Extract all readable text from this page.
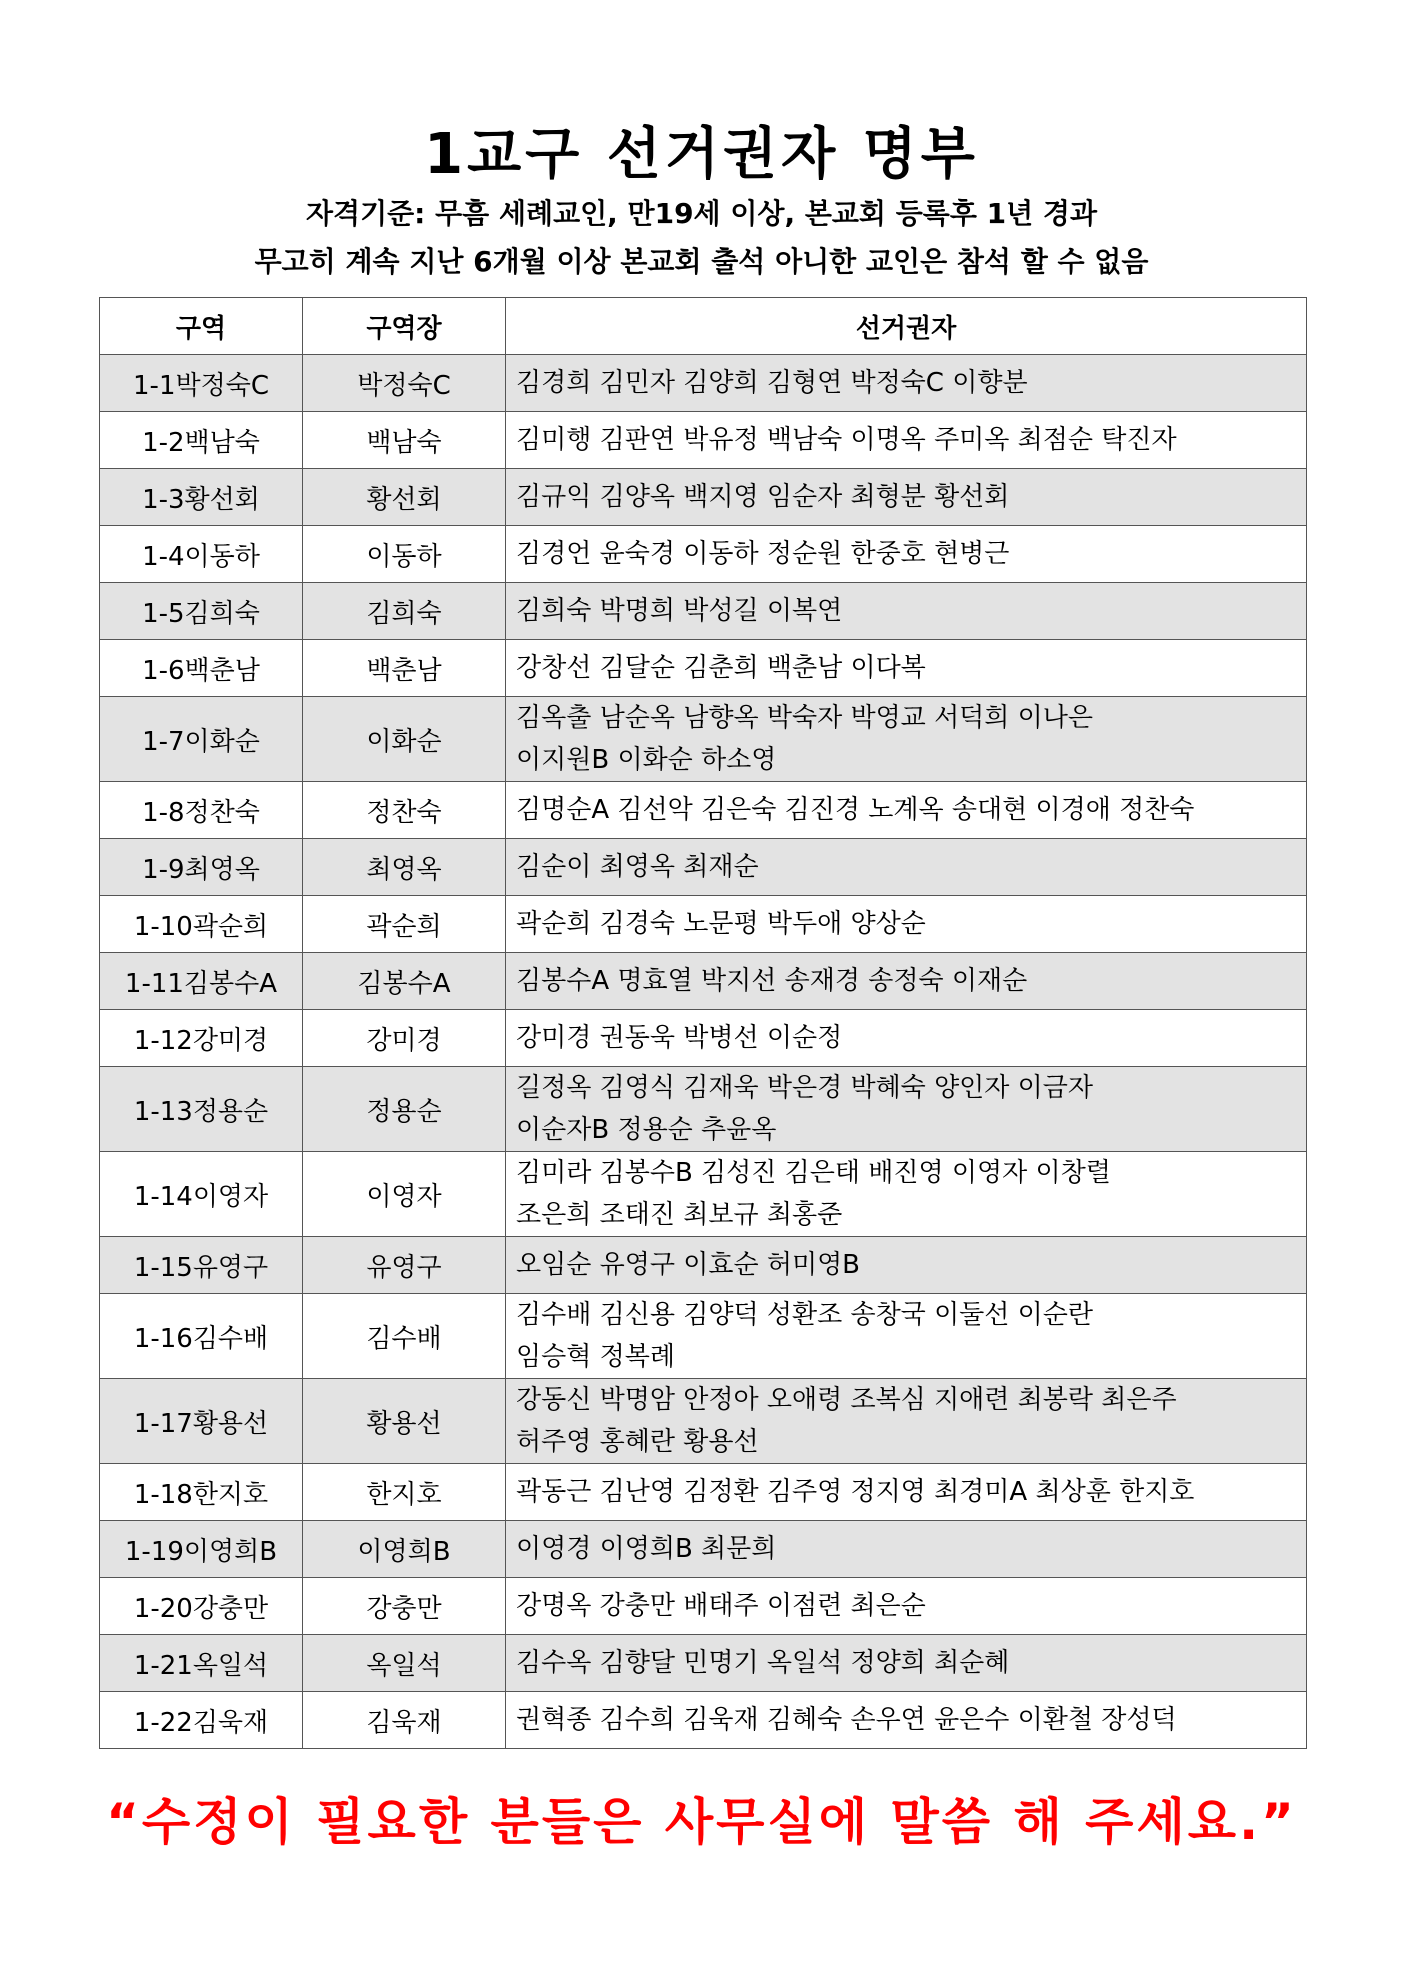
1교구 선거권자 명부
자격기준: 무흠 세례교인, 만19세 이상, 본교회 등록후 1년 경과
무고히 계속 지난 6개월 이상 본교회 출석 아니한 교인은 참석 할 수 없음
구역	구역장	선거권자
1-1박정숙C	박정숙C	김경희 김민자 김양희 김형연 박정숙C 이향분

1-2백남숙	백남숙	김미행 김판연 박유정 백남숙 이명옥 주미옥 최점순 탁진자

1-3황선회	황선회	김규익 김양옥 백지영 임순자 최형분 황선회

1-4이동하	이동하	김경언 윤숙경 이동하 정순원 한중호 현병근

1-5김희숙	김희숙	김희숙 박명희 박성길 이복연

1-6백춘남	백춘남	강창선 김달순 김춘희 백춘남 이다복

1-7이화순	이화순	김옥출 남순옥 남향옥 박숙자 박영교 서덕희 이나은
이지원B 이화순 하소영

1-8정찬숙	정찬숙	김명순A 김선악 김은숙 김진경 노계옥 송대현 이경애 정찬숙

1-9최영옥	최영옥	김순이 최영옥 최재순

1-10곽순희	곽순희	곽순희 김경숙 노문평 박두애 양상순

1-11김봉수A	김봉수A	김봉수A 명효열 박지선 송재경 송정숙 이재순

1-12강미경	강미경	강미경 권동욱 박병선 이순정

1-13정용순	정용순	길정옥 김영식 김재욱 박은경 박혜숙 양인자 이금자
이순자B 정용순 추윤옥

1-14이영자	이영자	김미라 김봉수B 김성진 김은태 배진영 이영자 이창렬
조은희 조태진 최보규 최홍준

1-15유영구	유영구	오임순 유영구 이효순 허미영B

1-16김수배	김수배	김수배 김신용 김양덕 성환조 송창국 이둘선 이순란
임승혁 정복례

1-17황용선	황용선	강동신 박명암 안정아 오애령 조복심 지애련 최봉락 최은주
허주영 홍혜란 황용선

1-18한지호	한지호	곽동근 김난영 김정환 김주영 정지영 최경미A 최상훈 한지호

1-19이영희B	이영희B	이영경 이영희B 최문희

1-20강충만	강충만	강명옥 강충만 배태주 이점련 최은순

1-21옥일석	옥일석	김수옥 김향달 민명기 옥일석 정양희 최순혜

1-22김욱재	김욱재	권혁종 김수희 김욱재 김혜숙 손우연 윤은수 이환철 장성덕
“수정이 필요한 분들은 사무실에 말씀 해 주세요.”
